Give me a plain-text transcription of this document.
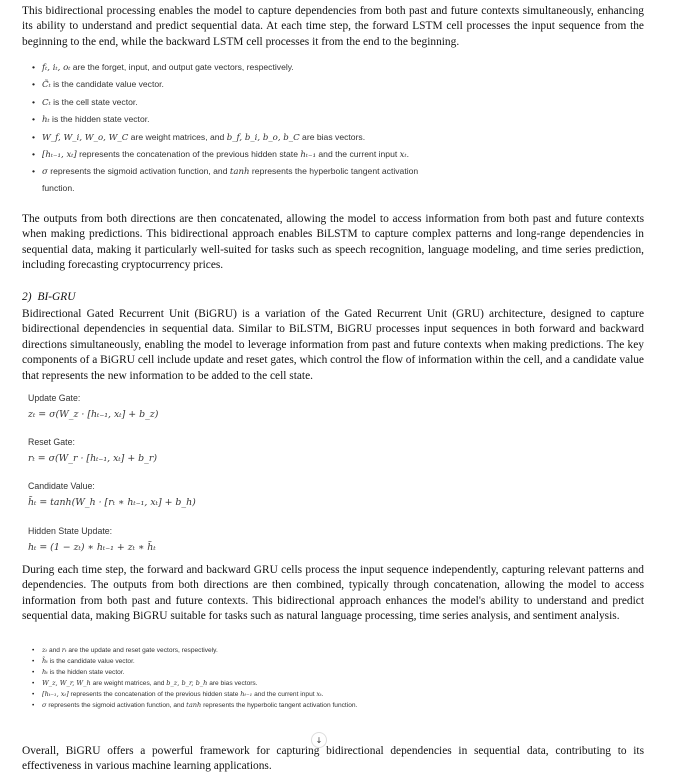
This bidirectional processing enables the model to capture dependencies from both past and future contexts simultaneously, enhancing its ability to understand and predict sequential data. At each time step, the forward LSTM cell processes the input sequence from the beginning to the end, while the backward LSTM cell processes it from the end to the beginning.

• fₜ, iₜ, oₜ are the forget, input, and output gate vectors, respectively.
• C̃ₜ is the candidate value vector.
• Cₜ is the cell state vector.
• hₜ is the hidden state vector.
• W_f, W_i, W_o, W_C are weight matrices, and b_f, b_i, b_o, b_C are bias vectors.
• [hₜ₋₁, xₜ] represents the concatenation of the previous hidden state hₜ₋₁ and the current input xₜ.
• σ represents the sigmoid activation function, and tanh represents the hyperbolic tangent activation function.

The outputs from both directions are then concatenated, allowing the model to access information from both past and future contexts when making predictions. This bidirectional approach enables BiLSTM to capture complex patterns and long-range dependencies in sequential data, making it particularly well-suited for tasks such as speech recognition, language modeling, and time series prediction, including forecasting cryptocurrency prices.

2) BI-GRU

Bidirectional Gated Recurrent Unit (BiGRU) is a variation of the Gated Recurrent Unit (GRU) architecture, designed to capture bidirectional dependencies in sequential data. Similar to BiLSTM, BiGRU processes input sequences in both forward and backward directions simultaneously, enabling the model to leverage information from past and future contexts when making predictions. The key components of a BiGRU cell include update and reset gates, which control the flow of information within the cell, and a candidate value that represents the new information to be added to the cell state.

Update Gate:
zₜ = σ(W_z · [hₜ₋₁, xₜ] + b_z)
Reset Gate:
rₜ = σ(W_r · [hₜ₋₁, xₜ] + b_r)
Candidate Value:
h̃ₜ = tanh(W_h · [rₜ ∗ hₜ₋₁, xₜ] + b_h)
Hidden State Update:
hₜ = (1 − zₜ) ∗ hₜ₋₁ + zₜ ∗ h̃ₜ

During each time step, the forward and backward GRU cells process the input sequence independently, capturing relevant patterns and dependencies. The outputs from both directions are then combined, typically through concatenation, allowing the model to access information from both past and future contexts. This bidirectional approach enhances the model's ability to understand and predict sequential data, making BiGRU suitable for tasks such as natural language processing, time series analysis, and sentiment analysis.

• zₜ and rₜ are the update and reset gate vectors, respectively.
• h̃ₜ is the candidate value vector.
• hₜ is the hidden state vector.
• W_z, W_r, W_h are weight matrices, and b_z, b_r, b_h are bias vectors.
• [hₜ₋₁, xₜ] represents the concatenation of the previous hidden state hₜ₋₁ and the current input xₜ.
• σ represents the sigmoid activation function, and tanh represents the hyperbolic tangent activation function.
↓

Overall, BiGRU offers a powerful framework for capturing bidirectional dependencies in sequential data, contributing to its effectiveness in various machine learning applications.
